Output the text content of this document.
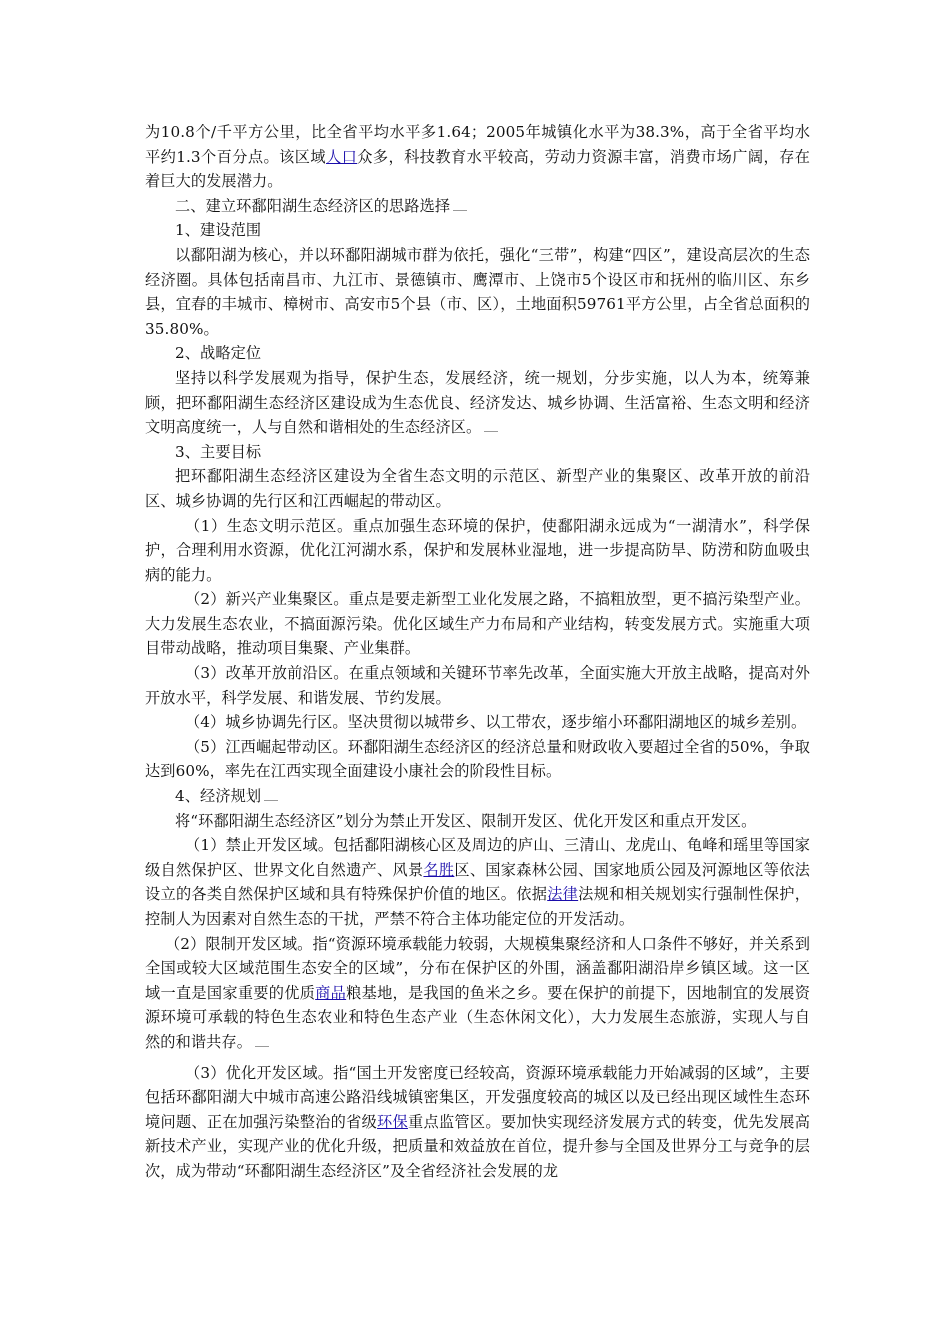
为10.8个/千平方公里，比全省平均水平多1.64；2005年城镇化水平为38.3%，高于全省平均水平约1.3个百分点。该区域人口众多，科技教育水平较高，劳动力资源丰富，消费市场广阔，存在着巨大的发展潜力。

二、建立环鄱阳湖生态经济区的思路选择

1、建设范围

以鄱阳湖为核心，并以环鄱阳湖城市群为依托，强化“三带”，构建“四区”，建设高层次的生态经济圈。具体包括南昌市、九江市、景德镇市、鹰潭市、上饶市5个设区市和抚州的临川区、东乡县，宜春的丰城市、樟树市、高安市5个县（市、区），土地面积59761平方公里，占全省总面积的35.80%。

2、战略定位

坚持以科学发展观为指导，保护生态，发展经济，统一规划，分步实施，以人为本，统筹兼顾，把环鄱阳湖生态经济区建设成为生态优良、经济发达、城乡协调、生活富裕、生态文明和经济文明高度统一，人与自然和谐相处的生态经济区。

3、主要目标

把环鄱阳湖生态经济区建设为全省生态文明的示范区、新型产业的集聚区、改革开放的前沿区、城乡协调的先行区和江西崛起的带动区。

（1）生态文明示范区。重点加强生态环境的保护，使鄱阳湖永远成为“一湖清水”，科学保护，合理利用水资源，优化江河湖水系，保护和发展林业湿地，进一步提高防旱、防涝和防血吸虫病的能力。

（2）新兴产业集聚区。重点是要走新型工业化发展之路，不搞粗放型，更不搞污染型产业。大力发展生态农业，不搞面源污染。优化区域生产力布局和产业结构，转变发展方式。实施重大项目带动战略，推动项目集聚、产业集群。

（3）改革开放前沿区。在重点领域和关键环节率先改革，全面实施大开放主战略，提高对外开放水平，科学发展、和谐发展、节约发展。

（4）城乡协调先行区。坚决贯彻以城带乡、以工带农，逐步缩小环鄱阳湖地区的城乡差别。

（5）江西崛起带动区。环鄱阳湖生态经济区的经济总量和财政收入要超过全省的50%，争取达到60%，率先在江西实现全面建设小康社会的阶段性目标。

4、经济规划

将“环鄱阳湖生态经济区”划分为禁止开发区、限制开发区、优化开发区和重点开发区。

（1）禁止开发区域。包括鄱阳湖核心区及周边的庐山、三清山、龙虎山、龟峰和瑶里等国家级自然保护区、世界文化自然遗产、风景名胜区、国家森林公园、国家地质公园及河源地区等依法设立的各类自然保护区域和具有特殊保护价值的地区。依据法律法规和相关规划实行强制性保护，控制人为因素对自然生态的干扰，严禁不符合主体功能定位的开发活动。

（2）限制开发区域。指“资源环境承载能力较弱，大规模集聚经济和人口条件不够好，并关系到全国或较大区域范围生态安全的区域”，分布在保护区的外围，涵盖鄱阳湖沿岸乡镇区域。这一区域一直是国家重要的优质商品粮基地，是我国的鱼米之乡。要在保护的前提下，因地制宜的发展资源环境可承载的特色生态农业和特色生态产业（生态休闲文化），大力发展生态旅游，实现人与自然的和谐共存。

（3）优化开发区域。指“国土开发密度已经较高，资源环境承载能力开始减弱的区域”，主要包括环鄱阳湖大中城市高速公路沿线城镇密集区，开发强度较高的城区以及已经出现区域性生态环境问题、正在加强污染整治的省级环保重点监管区。要加快实现经济发展方式的转变，优先发展高新技术产业，实现产业的优化升级，把质量和效益放在首位，提升参与全国及世界分工与竞争的层次，成为带动“环鄱阳湖生态经济区”及全省经济社会发展的龙
